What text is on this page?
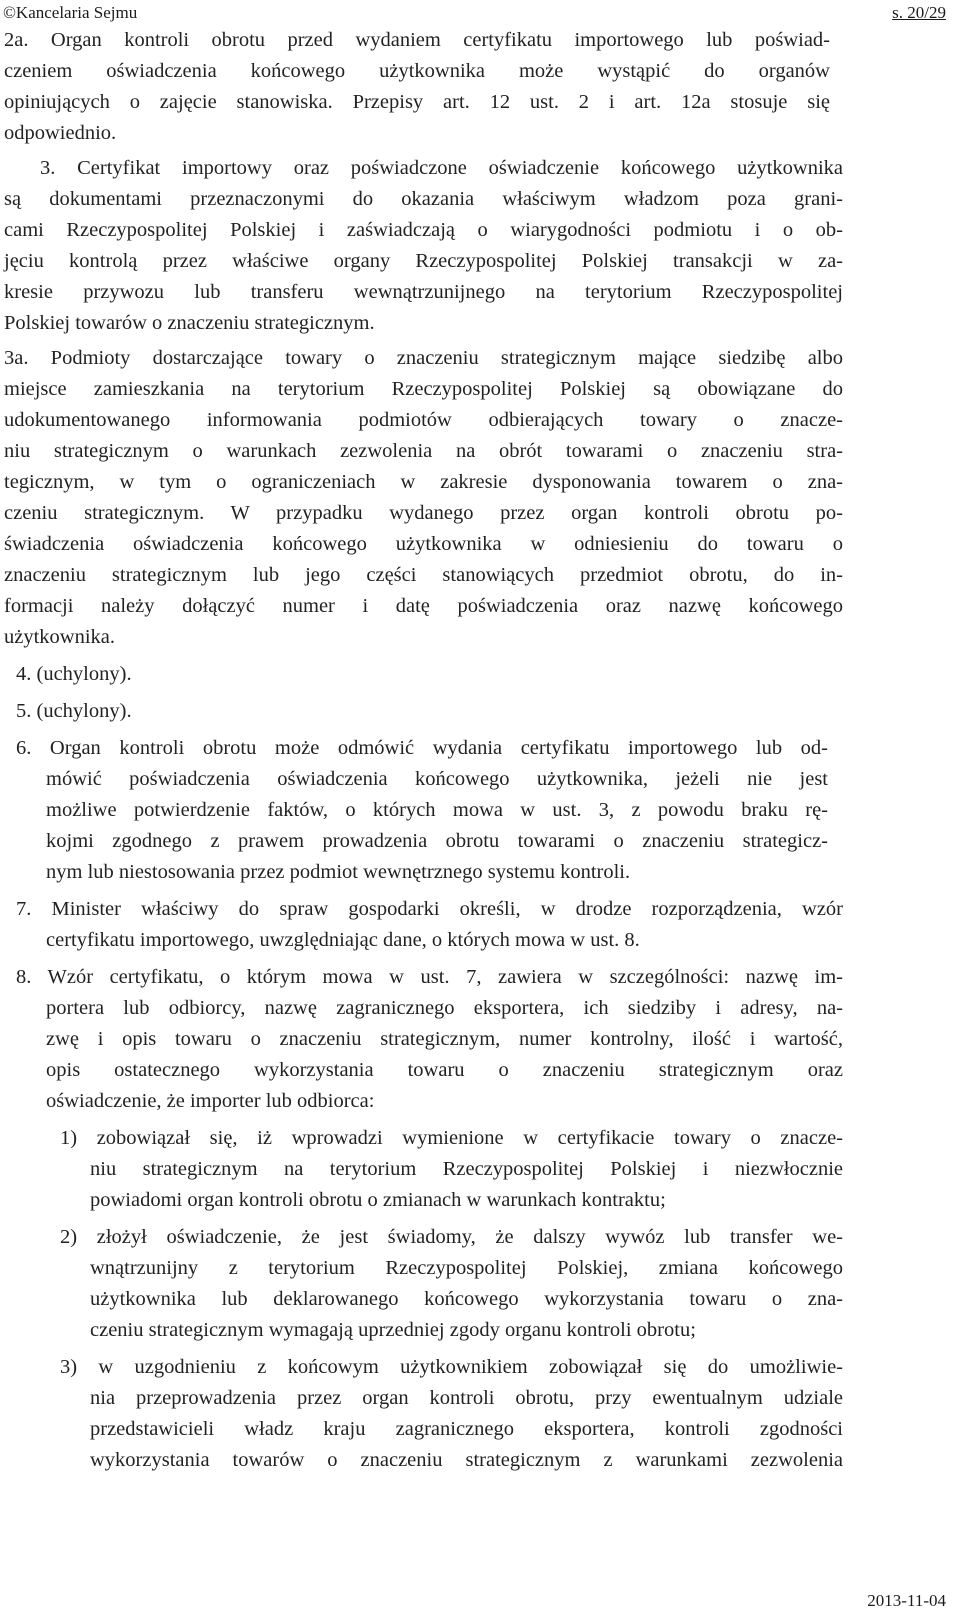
©Kancelaria Sejmu	s. 20/29
2a. Organ kontroli obrotu przed wydaniem certyfikatu importowego lub poświad-
czeniem oświadczenia końcowego użytkownika może wystąpić do organów
opiniujących o zajęcie stanowiska. Przepisy art. 12 ust. 2 i art. 12a stosuje się
odpowiednio.
3. Certyfikat importowy oraz poświadczone oświadczenie końcowego użytkownika
są dokumentami przeznaczonymi do okazania właściwym władzom poza grani-
cami Rzeczypospolitej Polskiej i zaświadczają o wiarygodności podmiotu i o ob-
jęciu kontrolą przez właściwe organy Rzeczypospolitej Polskiej transakcji w za-
kresie przywozu lub transferu wewnątrzunijnego na terytorium Rzeczypospolitej
Polskiej towarów o znaczeniu strategicznym.
3a. Podmioty dostarczające towary o znaczeniu strategicznym mające siedzibę albo
miejsce zamieszkania na terytorium Rzeczypospolitej Polskiej są obowiązane do
udokumentowanego informowania podmiotów odbierających towary o znacze-
niu strategicznym o warunkach zezwolenia na obrót towarami o znaczeniu stra-
tegicznym, w tym o ograniczeniach w zakresie dysponowania towarem o zna-
czeniu strategicznym. W przypadku wydanego przez organ kontroli obrotu po-
świadczenia oświadczenia końcowego użytkownika w odniesieniu do towaru o
znaczeniu strategicznym lub jego części stanowiących przedmiot obrotu, do in-
formacji należy dołączyć numer i datę poświadczenia oraz nazwę końcowego
użytkownika.
4. (uchylony).
5. (uchylony).
6. Organ kontroli obrotu może odmówić wydania certyfikatu importowego lub od-
mówić poświadczenia oświadczenia końcowego użytkownika, jeżeli nie jest
możliwe potwierdzenie faktów, o których mowa w ust. 3, z powodu braku rę-
kojmi zgodnego z prawem prowadzenia obrotu towarami o znaczeniu strategicz-
nym lub niestosowania przez podmiot wewnętrznego systemu kontroli.
7. Minister właściwy do spraw gospodarki określi, w drodze rozporządzenia, wzór
certyfikatu importowego, uwzględniając dane, o których mowa w ust. 8.
8. Wzór certyfikatu, o którym mowa w ust. 7, zawiera w szczególności: nazwę im-
portera lub odbiorcy, nazwę zagranicznego eksportera, ich siedziby i adresy, na-
zwę i opis towaru o znaczeniu strategicznym, numer kontrolny, ilość i wartość,
opis ostatecznego wykorzystania towaru o znaczeniu strategicznym oraz
oświadczenie, że importer lub odbiorca:
1) zobowiązał się, iż wprowadzi wymienione w certyfikacie towary o znacze-
niu strategicznym na terytorium Rzeczypospolitej Polskiej i niezwłocznie
powiadomi organ kontroli obrotu o zmianach w warunkach kontraktu;
2) złożył oświadczenie, że jest świadomy, że dalszy wywóz lub transfer we-
wnątrzunijny z terytorium Rzeczypospolitej Polskiej, zmiana końcowego
użytkownika lub deklarowanego końcowego wykorzystania towaru o zna-
czeniu strategicznym wymagają uprzedniej zgody organu kontroli obrotu;
3) w uzgodnieniu z końcowym użytkownikiem zobowiązał się do umożliwie-
nia przeprowadzenia przez organ kontroli obrotu, przy ewentualnym udziale
przedstawicieli władz kraju zagranicznego eksportera, kontroli zgodności
wykorzystania towarów o znaczeniu strategicznym z warunkami zezwolenia
2013-11-04
